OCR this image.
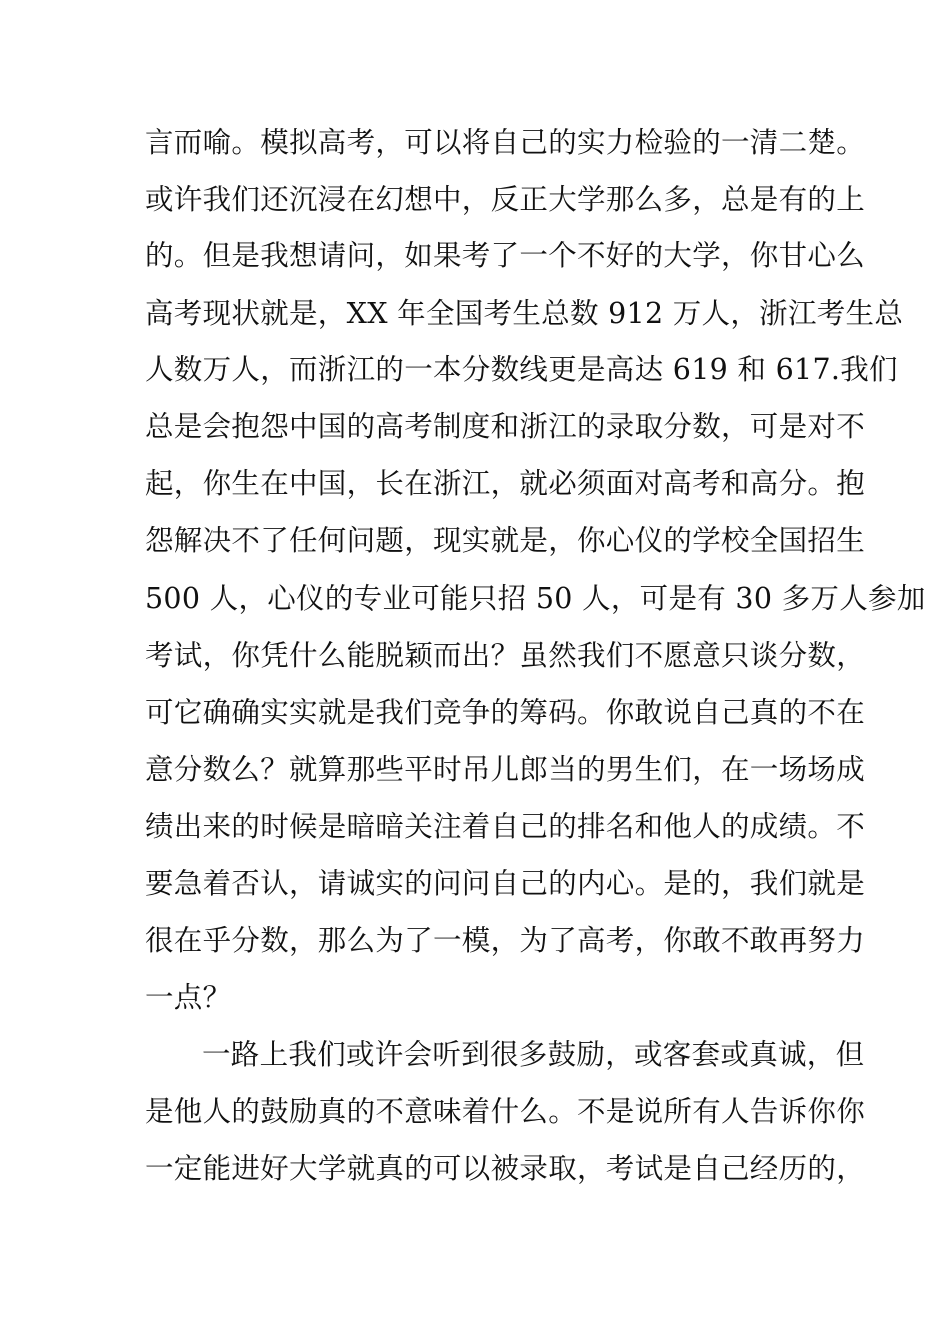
言而喻。模拟高考，可以将自己的实力检验的一清二楚。
或许我们还沉浸在幻想中，反正大学那么多，总是有的上
的。但是我想请问，如果考了一个不好的大学，你甘心么
高考现状就是，XX 年全国考生总数 912 万人，浙江考生总
人数万人，而浙江的一本分数线更是高达 619 和 617.我们
总是会抱怨中国的高考制度和浙江的录取分数，可是对不
起，你生在中国，长在浙江，就必须面对高考和高分。抱
怨解决不了任何问题，现实就是，你心仪的学校全国招生
500 人，心仪的专业可能只招 50 人，可是有 30 多万人参加
考试，你凭什么能脱颖而出？虽然我们不愿意只谈分数，
可它确确实实就是我们竞争的筹码。你敢说自己真的不在
意分数么？就算那些平时吊儿郎当的男生们，在一场场成
绩出来的时候是暗暗关注着自己的排名和他人的成绩。不
要急着否认，请诚实的问问自己的内心。是的，我们就是
很在乎分数，那么为了一模，为了高考，你敢不敢再努力
一点？
一路上我们或许会听到很多鼓励，或客套或真诚，但
是他人的鼓励真的不意味着什么。不是说所有人告诉你你
一定能进好大学就真的可以被录取，考试是自己经历的，
